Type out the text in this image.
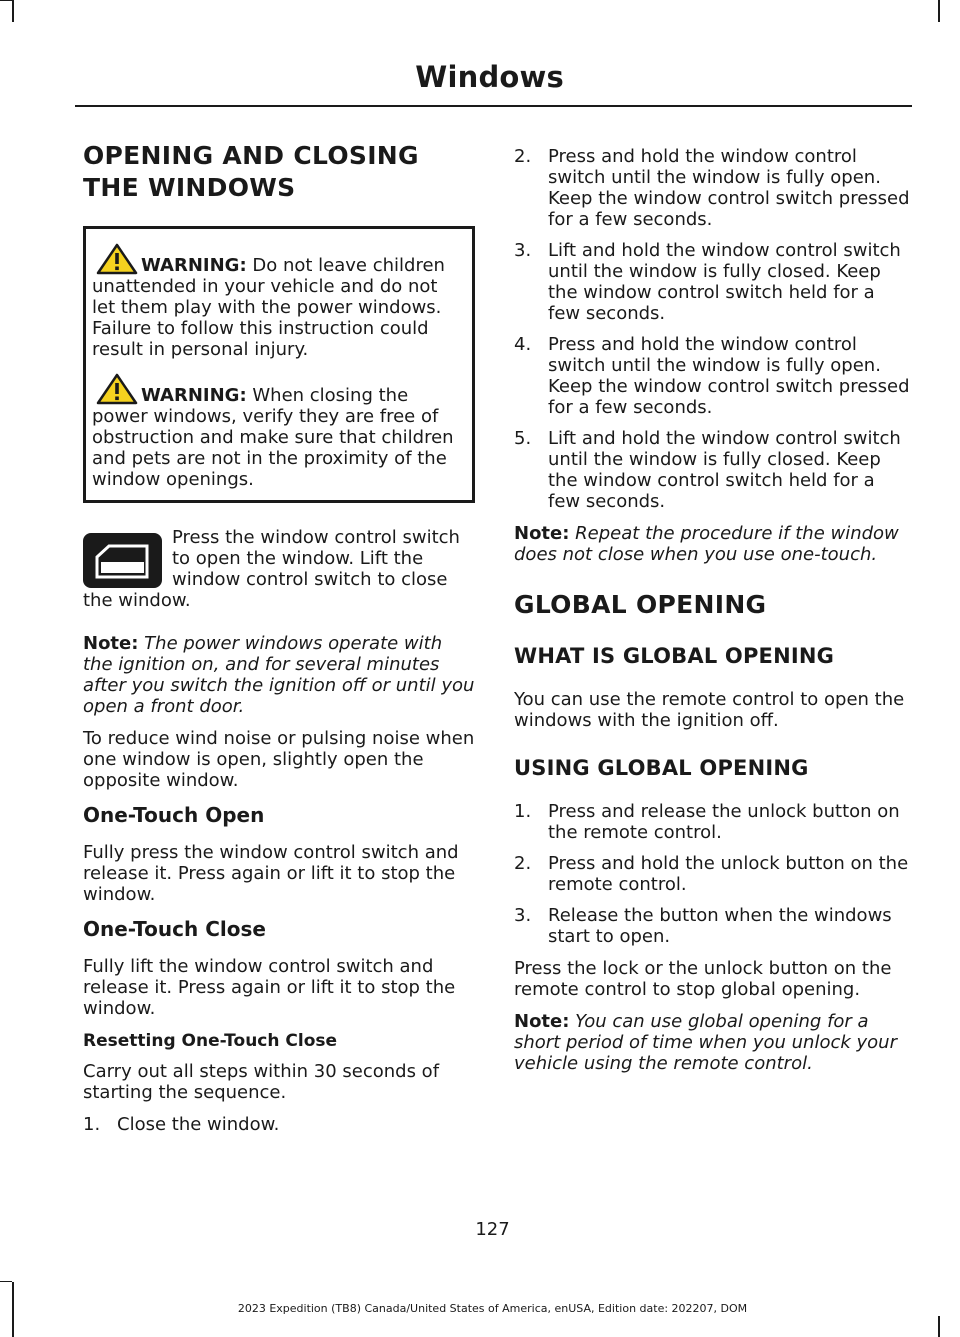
Windows
OPENING AND CLOSING THE WINDOWS

WARNING: Do not leave children unattended in your vehicle and do not let them play with the power windows. Failure to follow this instruction could result in personal injury.

WARNING: When closing the power windows, verify they are free of obstruction and make sure that children and pets are not in the proximity of the window openings.

Press the window control switch to open the window. Lift the window control switch to close the window.

Note: The power windows operate with the ignition on, and for several minutes after you switch the ignition off or until you open a front door.

To reduce wind noise or pulsing noise when one window is open, slightly open the opposite window.

One-Touch Open

Fully press the window control switch and release it. Press again or lift it to stop the window.

One-Touch Close

Fully lift the window control switch and release it. Press again or lift it to stop the window.

Resetting One-Touch Close

Carry out all steps within 30 seconds of starting the sequence.

1. Close the window.
2. Press and hold the window control switch until the window is fully open. Keep the window control switch pressed for a few seconds.
3. Lift and hold the window control switch until the window is fully closed. Keep the window control switch held for a few seconds.
4. Press and hold the window control switch until the window is fully open. Keep the window control switch pressed for a few seconds.
5. Lift and hold the window control switch until the window is fully closed. Keep the window control switch held for a few seconds.

Note: Repeat the procedure if the window does not close when you use one-touch.

GLOBAL OPENING
WHAT IS GLOBAL OPENING

You can use the remote control to open the windows with the ignition off.

USING GLOBAL OPENING
1. Press and release the unlock button on the remote control.
2. Press and hold the unlock button on the remote control.
3. Release the button when the windows start to open.

Press the lock or the unlock button on the remote control to stop global opening.

Note: You can use global opening for a short period of time when you unlock your vehicle using the remote control.

127
2023 Expedition (TB8) Canada/United States of America, enUSA, Edition date: 202207, DOM
